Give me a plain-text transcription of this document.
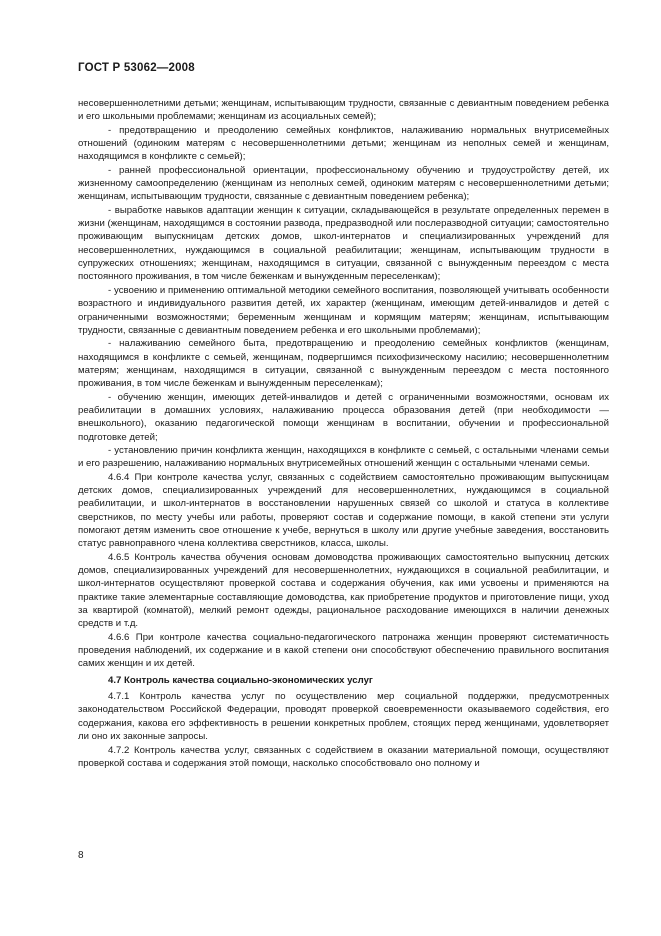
ГОСТ Р 53062—2008

несовершеннолетними детьми; женщинам, испытывающим трудности, связанные с девиантным поведением ребенка и его школьными проблемами; женщинам из асоциальных семей);

- предотвращению и преодолению семейных конфликтов, налаживанию нормальных внутрисемейных отношений (одиноким матерям с несовершеннолетними детьми; женщинам из неполных семей и женщинам, находящимся в конфликте с семьей);

- ранней профессиональной ориентации, профессиональному обучению и трудоустройству детей, их жизненному самоопределению (женщинам из неполных семей, одиноким матерям с несовершеннолетними детьми; женщинам, испытывающим трудности, связанные с девиантным поведением ребенка);

- выработке навыков адаптации женщин к ситуации, складывающейся в результате определенных перемен в жизни (женщинам, находящимся в состоянии развода, предразводной или послеразводной ситуации; самостоятельно проживающим выпускницам детских домов, школ-интернатов и специализированных учреждений для несовершеннолетних, нуждающимся в социальной реабилитации; женщинам, испытывающим трудности в супружеских отношениях; женщинам, находящимся в ситуации, связанной с вынужденным переездом с места постоянного проживания, в том числе беженкам и вынужденным переселенкам);

- усвоению и применению оптимальной методики семейного воспитания, позволяющей учитывать особенности возрастного и индивидуального развития детей, их характер (женщинам, имеющим детей-инвалидов и детей с ограниченными возможностями; беременным женщинам и кормящим матерям; женщинам, испытывающим трудности, связанные с девиантным поведением ребенка и его школьными проблемами);

- налаживанию семейного быта, предотвращению и преодолению семейных конфликтов (женщинам, находящимся в конфликте с семьей, женщинам, подвергшимся психофизическому насилию; несовершеннолетним матерям; женщинам, находящимся в ситуации, связанной с вынужденным переездом с места постоянного проживания, в том числе беженкам и вынужденным переселенкам);

- обучению женщин, имеющих детей-инвалидов и детей с ограниченными возможностями, основам их реабилитации в домашних условиях, налаживанию процесса образования детей (при необходимости — внешкольного), оказанию педагогической помощи женщинам в воспитании, обучении и профессиональной подготовке детей;

- установлению причин конфликта женщин, находящихся в конфликте с семьей, с остальными членами семьи и его разрешению, налаживанию нормальных внутрисемейных отношений женщин с остальными членами семьи.

4.6.4 При контроле качества услуг, связанных с содействием самостоятельно проживающим выпускницам детских домов, специализированных учреждений для несовершеннолетних, нуждающимся в социальной реабилитации, и школ-интернатов в восстановлении нарушенных связей со школой и статуса в коллективе сверстников, по месту учебы или работы, проверяют состав и содержание помощи, в какой степени эти услуги помогают детям изменить свое отношение к учебе, вернуться в школу или другие учебные заведения, восстановить статус равноправного члена коллектива сверстников, класса, школы.

4.6.5 Контроль качества обучения основам домоводства проживающих самостоятельно выпускниц детских домов, специализированных учреждений для несовершеннолетних, нуждающихся в социальной реабилитации, и школ-интернатов осуществляют проверкой состава и содержания обучения, как ими усвоены и применяются на практике такие элементарные составляющие домоводства, как приобретение продуктов и приготовление пищи, уход за квартирой (комнатой), мелкий ремонт одежды, рациональное расходование имеющихся в наличии денежных средств и т.д.

4.6.6 При контроле качества социально-педагогического патронажа женщин проверяют систематичность проведения наблюдений, их содержание и в какой степени они способствуют обеспечению правильного воспитания самих женщин и их детей.

4.7 Контроль качества социально-экономических услуг

4.7.1 Контроль качества услуг по осуществлению мер социальной поддержки, предусмотренных законодательством Российской Федерации, проводят проверкой своевременности оказываемого содействия, его содержания, какова его эффективность в решении конкретных проблем, стоящих перед женщинами, удовлетворяет ли оно их законные запросы.

4.7.2 Контроль качества услуг, связанных с содействием в оказании материальной помощи, осуществляют проверкой состава и содержания этой помощи, насколько способствовало оно полному и

8
